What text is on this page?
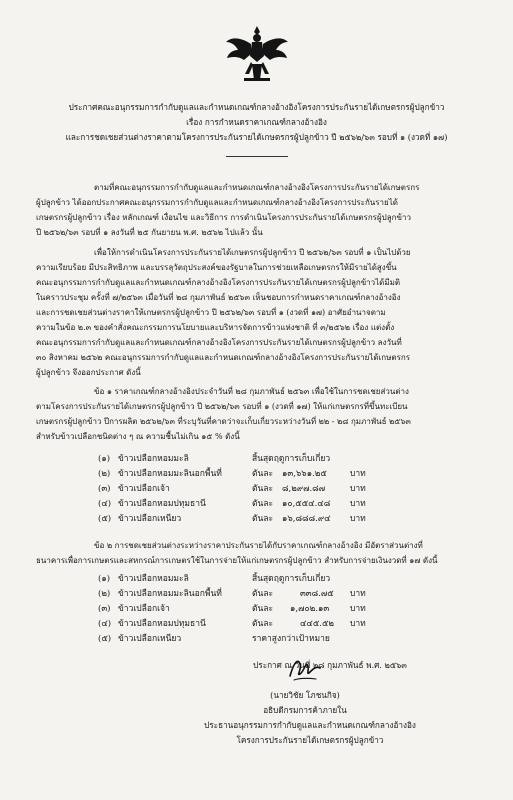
ประกาศคณะอนุกรรมการกำกับดูแลและกำหนดเกณฑ์กลางอ้างอิงโครงการประกันรายได้เกษตรกรผู้ปลูกข้าว
เรื่อง การกำหนดราคาเกณฑ์กลางอ้างอิง
และการชดเชยส่วนต่างราคาตามโครงการประกันรายได้เกษตรกรผู้ปลูกข้าว ปี ๒๕๖๒/๖๓ รอบที่ ๑ (งวดที่ ๑๗)
ตามที่คณะอนุกรรมการกำกับดูแลและกำหนดเกณฑ์กลางอ้างอิงโครงการประกันรายได้เกษตรกร
ผู้ปลูกข้าว ได้ออกประกาศคณะอนุกรรมการกำกับดูแลและกำหนดเกณฑ์กลางอ้างอิงโครงการประกันรายได้
เกษตรกรผู้ปลูกข้าว เรื่อง หลักเกณฑ์ เงื่อนไข และวิธีการ การดำเนินโครงการประกันรายได้เกษตรกรผู้ปลูกข้าว
ปี ๒๕๖๒/๖๓ รอบที่ ๑ ลงวันที่ ๒๕ กันยายน พ.ศ. ๒๕๖๒ ไปแล้ว นั้น
เพื่อให้การดำเนินโครงการประกันรายได้เกษตรกรผู้ปลูกข้าว ปี ๒๕๖๒/๖๓ รอบที่ ๑ เป็นไปด้วย
ความเรียบร้อย มีประสิทธิภาพ และบรรลุวัตถุประสงค์ของรัฐบาลในการช่วยเหลือเกษตรกรให้มีรายได้สูงขึ้น
คณะอนุกรรมการกำกับดูแลและกำหนดเกณฑ์กลางอ้างอิงโครงการประกันรายได้เกษตรกรผู้ปลูกข้าวได้มีมติ
ในคราวประชุม ครั้งที่ ๗/๒๕๖๓ เมื่อวันที่ ๒๘ กุมภาพันธ์ ๒๕๖๓ เห็นชอบการกำหนดราคาเกณฑ์กลางอ้างอิง
และการชดเชยส่วนต่างราคาให้เกษตรกรผู้ปลูกข้าว ปี ๒๕๖๒/๖๓ รอบที่ ๑ (งวดที่ ๑๗) อาศัยอำนาจตาม
ความในข้อ ๒.๓ ของคำสั่งคณะกรรมการนโยบายและบริหารจัดการข้าวแห่งชาติ ที่ ๓/๒๕๖๒ เรื่อง แต่งตั้ง
คณะอนุกรรมการกำกับดูแลและกำหนดเกณฑ์กลางอ้างอิงโครงการประกันรายได้เกษตรกรผู้ปลูกข้าว ลงวันที่
๓๐ สิงหาคม ๒๕๖๒ คณะอนุกรรมการกำกับดูแลและกำหนดเกณฑ์กลางอ้างอิงโครงการประกันรายได้เกษตรกร
ผู้ปลูกข้าว จึงออกประกาศ ดังนี้
ข้อ ๑ ราคาเกณฑ์กลางอ้างอิงประจำวันที่ ๒๘ กุมภาพันธ์ ๒๕๖๓ เพื่อใช้ในการชดเชยส่วนต่าง
ตามโครงการประกันรายได้เกษตรกรผู้ปลูกข้าว ปี ๒๕๖๒/๖๓ รอบที่ ๑ (งวดที่ ๑๗) ให้แก่เกษตรกรที่ขึ้นทะเบียน
เกษตรกรผู้ปลูกข้าว ปีการผลิต ๒๕๖๒/๖๓ ที่ระบุวันที่คาดว่าจะเก็บเกี่ยวระหว่างวันที่ ๒๒ - ๒๘ กุมภาพันธ์ ๒๕๖๓
สำหรับข้าวเปลือกชนิดต่าง ๆ ณ ความชื้นไม่เกิน ๑๕ % ดังนี้
(๑) ข้าวเปลือกหอมมะลิ	สิ้นสุดฤดูการเก็บเกี่ยว
(๒) ข้าวเปลือกหอมมะลินอกพื้นที่	ตันละ ๑๓,๖๖๑.๒๕	บาท
(๓) ข้าวเปลือกเจ้า	ตันละ ๘,๒๙๗.๘๗	บาท
(๔) ข้าวเปลือกหอมปทุมธานี	ตันละ ๑๐,๕๕๔.๔๘ บาท
(๕) ข้าวเปลือกเหนียว	ตันละ ๑๖,๘๘๘.๙๔ บาท
ข้อ ๒ การชดเชยส่วนต่างระหว่างราคาประกันรายได้กับราคาเกณฑ์กลางอ้างอิง มีอัตราส่วนต่างที่
ธนาคารเพื่อการเกษตรและสหกรณ์การเกษตรใช้ในการจ่ายให้แก่เกษตรกรผู้ปลูกข้าว สำหรับการจ่ายเงินงวดที่ ๑๗ ดังนี้
(๑) ข้าวเปลือกหอมมะลิ	สิ้นสุดฤดูการเก็บเกี่ยว
(๒) ข้าวเปลือกหอมมะลินอกพื้นที่	ตันละ	๓๓๘.๗๕ บาท
(๓) ข้าวเปลือกเจ้า	ตันละ ๑,๗๐๒.๑๓ บาท
(๔) ข้าวเปลือกหอมปทุมธานี	ตันละ	๔๔๕.๕๒ บาท
(๕) ข้าวเปลือกเหนียว	ราคาสูงกว่าเป้าหมาย
ประกาศ ณ วันที่ ๒๘ กุมภาพันธ์ พ.ศ. ๒๕๖๓
(นายวิชัย โภชนกิจ)
อธิบดีกรมการค้าภายใน
ประธานอนุกรรมการกำกับดูแลและกำหนดเกณฑ์กลางอ้างอิง
โครงการประกันรายได้เกษตรกรผู้ปลูกข้าว
